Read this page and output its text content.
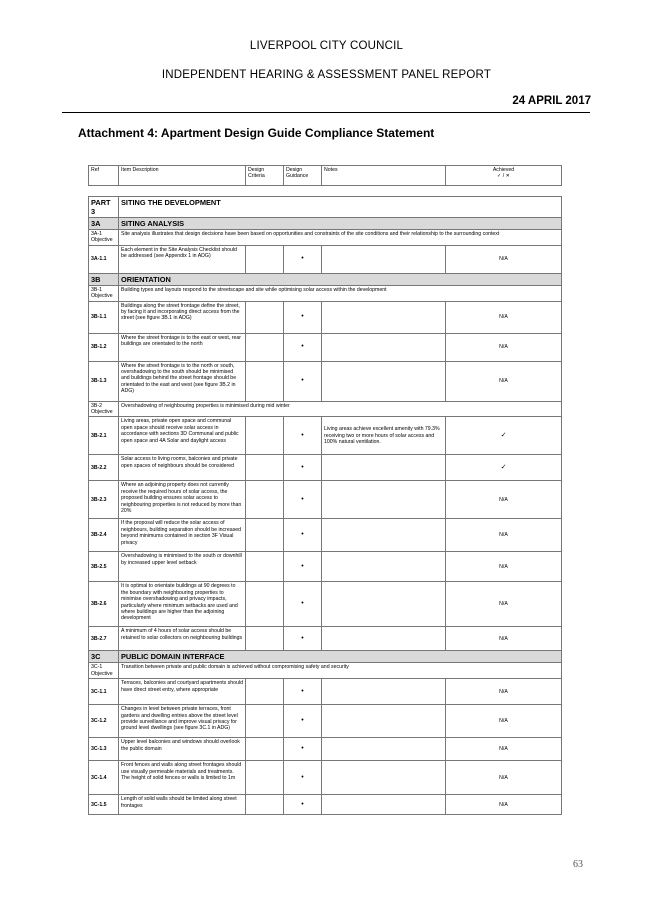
LIVERPOOL CITY COUNCIL
INDEPENDENT HEARING & ASSESSMENT PANEL REPORT
24 APRIL 2017
Attachment 4: Apartment Design Guide Compliance Statement
Ref	Item Description	Design Criteria	Design Guidance	Notes	Achieved
✓ / ✕
PART 3	SITING THE DEVELOPMENT				
3A	SITING ANALYSIS				
3A-1 Objective	Site analysis illustrates that design decisions have been based on opportunities and constraints of the site conditions and their relationship to the surrounding context				
3A-1.1	Each element in the Site Analysis Checklist should be addressed (see Appendix 1 in ADG)		•		N/A
3B	ORIENTATION				
3B-1 Objective	Building types and layouts respond to the streetscape and site while optimising solar access within the development				
3B-1.1	Buildings along the street frontage define the street, by facing it and incorporating direct access from the street (see figure 3B.1 in ADG)		•		N/A
3B-1.2	Where the street frontage is to the east or west, rear buildings are orientated to the north		•		N/A
3B-1.3	Where the street frontage is to the north or south, overshadowing to the south should be minimised and buildings behind the street frontage should be orientated to the east and west (see figure 3B.2 in ADG)		•		N/A
3B-2 Objective	Overshadowing of neighbouring properties is minimised during mid winter				
3B-2.1	Living areas, private open space and communal open space should receive solar access in accordance with sections 3D Communal and public open space and 4A Solar and daylight access		•	Living areas achieve excellent amenity with 79.3% receiving two or more hours of solar access and 100% natural ventilation.	✓
3B-2.2	Solar access to living rooms, balconies and private open spaces of neighbours should be considered		•		✓
3B-2.3	Where an adjoining property does not currently receive the required hours of solar access, the proposed building ensures solar access to neighbouring properties is not reduced by more than 20%		•		N/A
3B-2.4	If the proposal will reduce the solar access of neighbours, building separation should be increased beyond minimums contained in section 3F Visual privacy		•		N/A
3B-2.5	Overshadowing is minimised to the south or downhill by increased upper level setback		•		N/A
3B-2.6	It is optimal to orientate buildings at 90 degrees to the boundary with neighbouring properties to minimise overshadowing and privacy impacts, particularly where minimum setbacks are used and where buildings are higher than the adjoining development		•		N/A
3B-2.7	A minimum of 4 hours of solar access should be retained to solar collectors on neighbouring buildings		•		N/A
3C	PUBLIC DOMAIN INTERFACE				
3C-1 Objective	Transition between private and public domain is achieved without compromising safety and security				
3C-1.1	Terraces, balconies and courtyard apartments should have direct street entry, where appropriate		•		N/A
3C-1.2	Changes in level between private terraces, front gardens and dwelling entries above the street level provide surveillance and improve visual privacy for ground level dwellings (see figure 3C.1 in ADG)		•		N/A
3C-1.3	Upper level balconies and windows should overlook the public domain		•		N/A
3C-1.4	Front fences and walls along street frontages should use visually permeable materials and treatments. The height of solid fences or walls is limited to 1m		•		N/A
3C-1.5	Length of solid walls should be limited along street frontages		•		N/A
63
